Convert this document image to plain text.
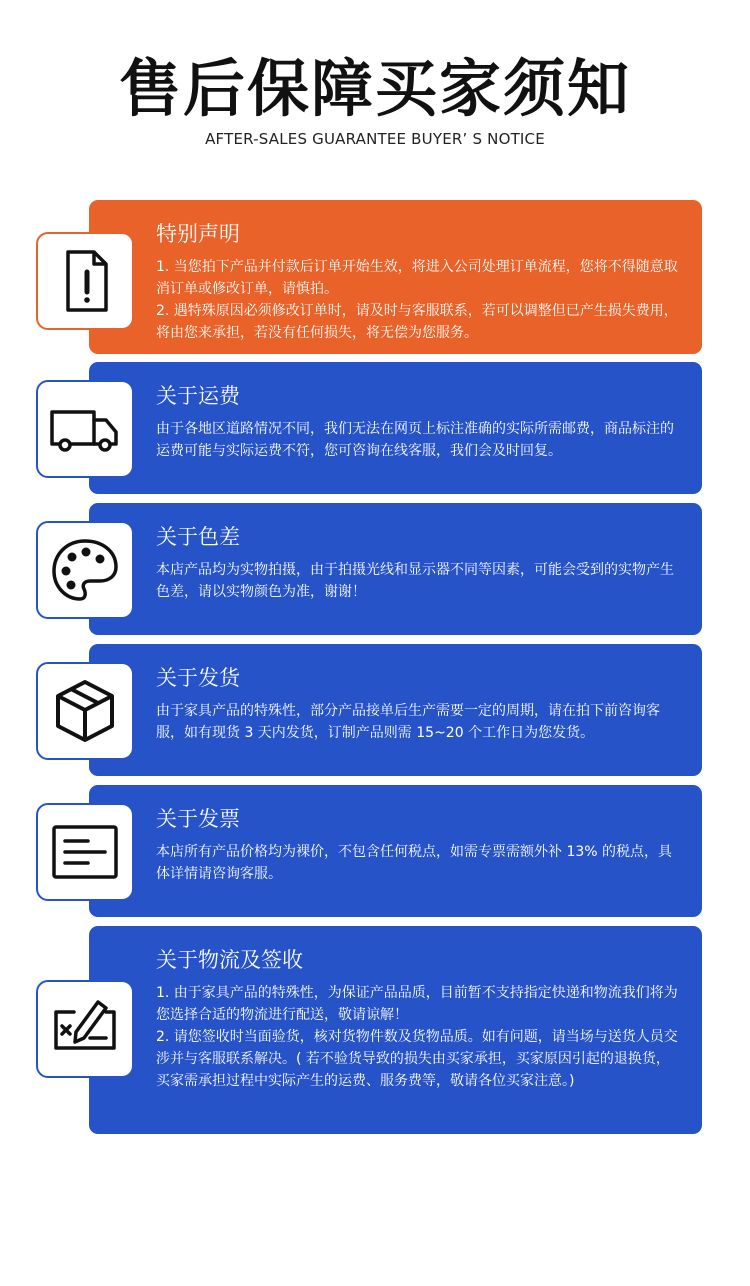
售后保障买家须知
AFTER-SALES GUARANTEE BUYER’ S NOTICE
特别声明

1. 当您拍下产品并付款后订单开始生效，将进入公司处理订单流程，您将不得随意取消订单或修改订单，请慎拍。

2. 遇特殊原因必须修改订单时，请及时与客服联系，若可以调整但已产生损失费用，将由您来承担，若没有任何损失，将无偿为您服务。

关于运费

由于各地区道路情况不同，我们无法在网页上标注准确的实际所需邮费，商品标注的运费可能与实际运费不符，您可咨询在线客服，我们会及时回复。

关于色差

本店产品均为实物拍摄，由于拍摄光线和显示器不同等因素，可能会受到的实物产生色差，请以实物颜色为准，谢谢！

关于发货

由于家具产品的特殊性，部分产品接单后生产需要一定的周期，请在拍下前咨询客服，如有现货 3 天内发货，订制产品则需 15~20 个工作日为您发货。

关于发票

本店所有产品价格均为裸价，不包含任何税点，如需专票需额外补 13% 的税点，具体详情请咨询客服。

关于物流及签收

1. 由于家具产品的特殊性，为保证产品品质，目前暂不支持指定快递和物流我们将为您选择合适的物流进行配送，敬请谅解！

2. 请您签收时当面验货，核对货物件数及货物品质。如有问题，请当场与送货人员交涉并与客服联系解决。( 若不验货导致的损失由买家承担，买家原因引起的退换货，买家需承担过程中实际产生的运费、服务费等，敬请各位买家注意。)
